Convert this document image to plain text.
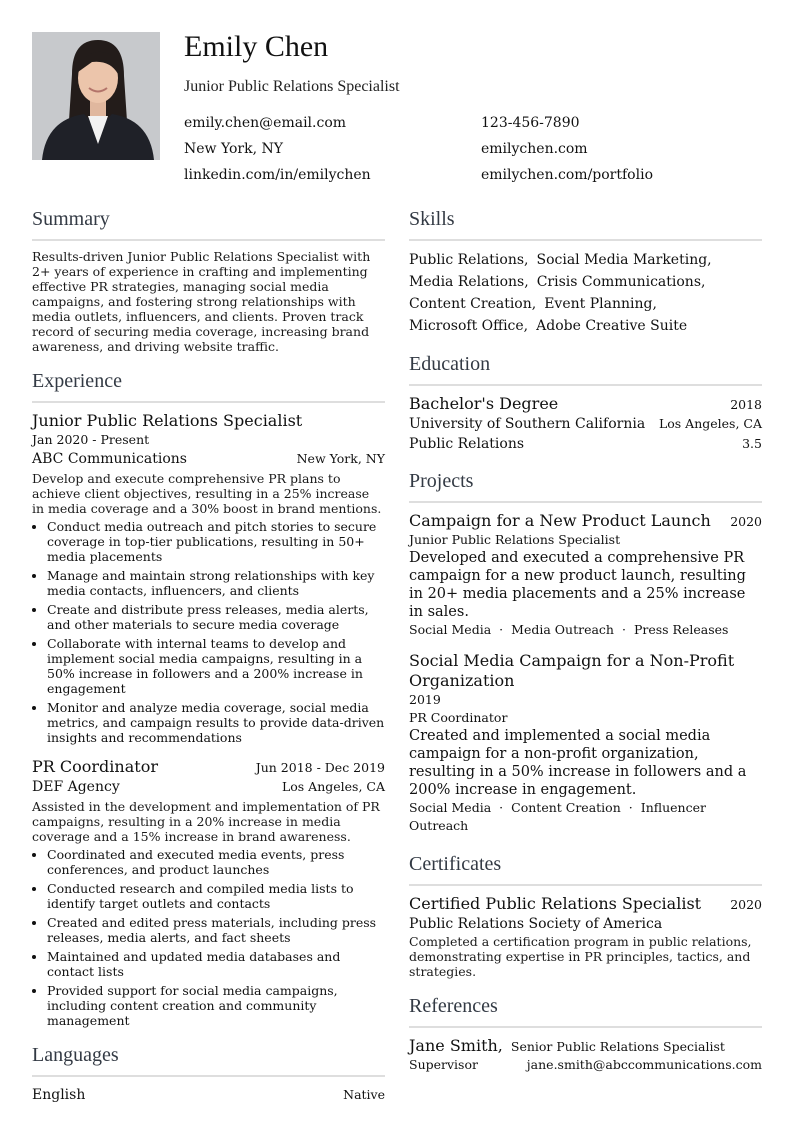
Emily Chen
Junior Public Relations Specialist
emily.chen@email.com	123-456-7890
New York, NY	emilychen.com
linkedin.com/in/emilychen	emilychen.com/portfolio
Summary
Results-driven Junior Public Relations Specialist with 2+ years of experience in crafting and implementing effective PR strategies, managing social media campaigns, and fostering strong relationships with media outlets, influencers, and clients. Proven track record of securing media coverage, increasing brand awareness, and driving website traffic.
Experience
Junior Public Relations Specialist
Jan 2020 - Present
ABC Communications	New York, NY
Develop and execute comprehensive PR plans to achieve client objectives, resulting in a 25% increase in media coverage and a 30% boost in brand mentions.
• Conduct media outreach and pitch stories to secure coverage in top-tier publications, resulting in 50+ media placements
• Manage and maintain strong relationships with key media contacts, influencers, and clients
• Create and distribute press releases, media alerts, and other materials to secure media coverage
• Collaborate with internal teams to develop and implement social media campaigns, resulting in a 50% increase in followers and a 200% increase in engagement
• Monitor and analyze media coverage, social media metrics, and campaign results to provide data-driven insights and recommendations
PR Coordinator	Jun 2018 - Dec 2019
DEF Agency	Los Angeles, CA
Assisted in the development and implementation of PR campaigns, resulting in a 20% increase in media coverage and a 15% increase in brand awareness.
• Coordinated and executed media events, press conferences, and product launches
• Conducted research and compiled media lists to identify target outlets and contacts
• Created and edited press materials, including press releases, media alerts, and fact sheets
• Maintained and updated media databases and contact lists
• Provided support for social media campaigns, including content creation and community management
Languages
English	Native
Skills
Public Relations, Social Media Marketing,
Media Relations, Crisis Communications,
Content Creation, Event Planning,
Microsoft Office, Adobe Creative Suite
Education
Bachelor's Degree	2018
University of Southern California Los Angeles, CA
Public Relations	3.5
Projects
Campaign for a New Product Launch 2020
Junior Public Relations Specialist
Developed and executed a comprehensive PR campaign for a new product launch, resulting in 20+ media placements and a 25% increase in sales.
Social Media · Media Outreach · Press Releases
Social Media Campaign for a Non-Profit Organization
2019
PR Coordinator
Created and implemented a social media campaign for a non-profit organization, resulting in a 50% increase in followers and a 200% increase in engagement.
Social Media · Content Creation · Influencer Outreach
Certificates
Certified Public Relations Specialist 2020
Public Relations Society of America
Completed a certification program in public relations, demonstrating expertise in PR principles, tactics, and strategies.
References
Jane Smith, Senior Public Relations Specialist
Supervisor	jane.smith@abccommunications.com
